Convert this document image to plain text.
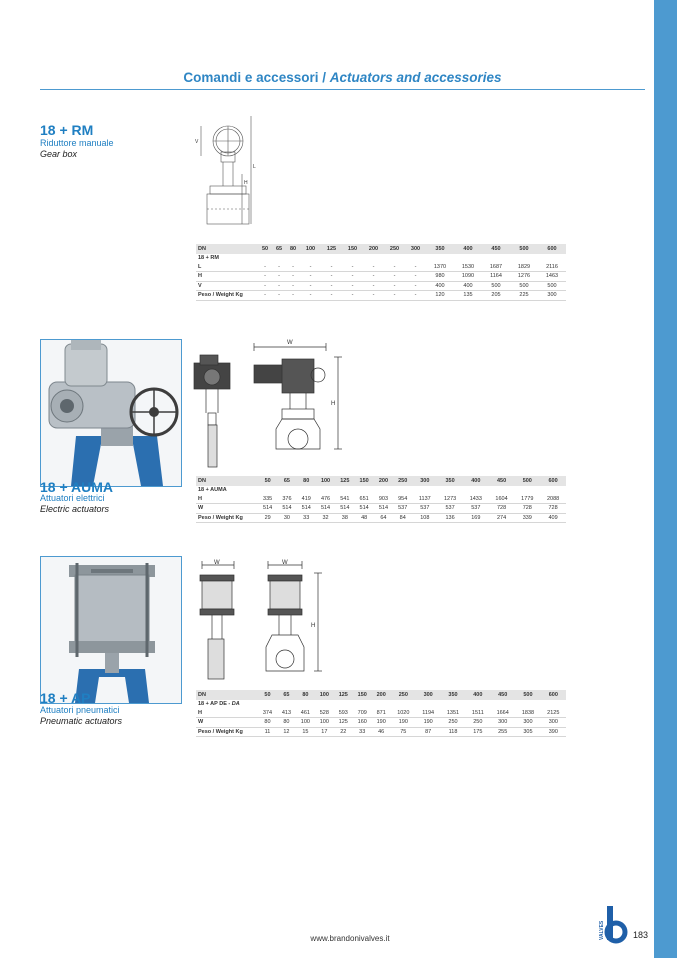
Comandi e accessori / Actuators and accessories
18 + RM
Riduttore manuale
Gear box
V
L
H
DN	50	65	80	100	125	150	200	250	300	350	400	450	500	600
18 + RM														
L	-	-	-	-	-	-	-	-	-	1370	1530	1687	1829	2116
H	-	-	-	-	-	-	-	-	-	980	1090	1164	1276	1463
V	-	-	-	-	-	-	-	-	-	400	400	500	500	500
Peso / Weight Kg	-	-	-	-	-	-	-	-	-	120	135	205	225	300
W
H
18 + AUMA
Attuatori elettrici
Electric actuators
DN	50	65	80	100	125	150	200	250	300	350	400	450	500	600
18 + AUMA														
H	335	376	419	476	541	651	903	954	1137	1273	1433	1604	1779	2088
W	514	514	514	514	514	514	514	537	537	537	537	728	728	728
Peso / Weight Kg	29	30	33	32	38	48	64	84	108	136	169	274	339	409
W	W
H
18 + AP
Attuatori pneumatici
Pneumatic actuators
DN	50	65	80	100	125	150	200	250	300	350	400	450	500	600
18 + AP DE - DA														
H	374	413	461	528	593	709	871	1020	1194	1351	1511	1664	1838	2125
W	80	80	100	100	125	160	190	190	190	250	250	300	300	300
Peso / Weight Kg	11	12	15	17	22	33	46	75	87	118	175	255	305	390
www.brandonivalves.it	VALVES	183
